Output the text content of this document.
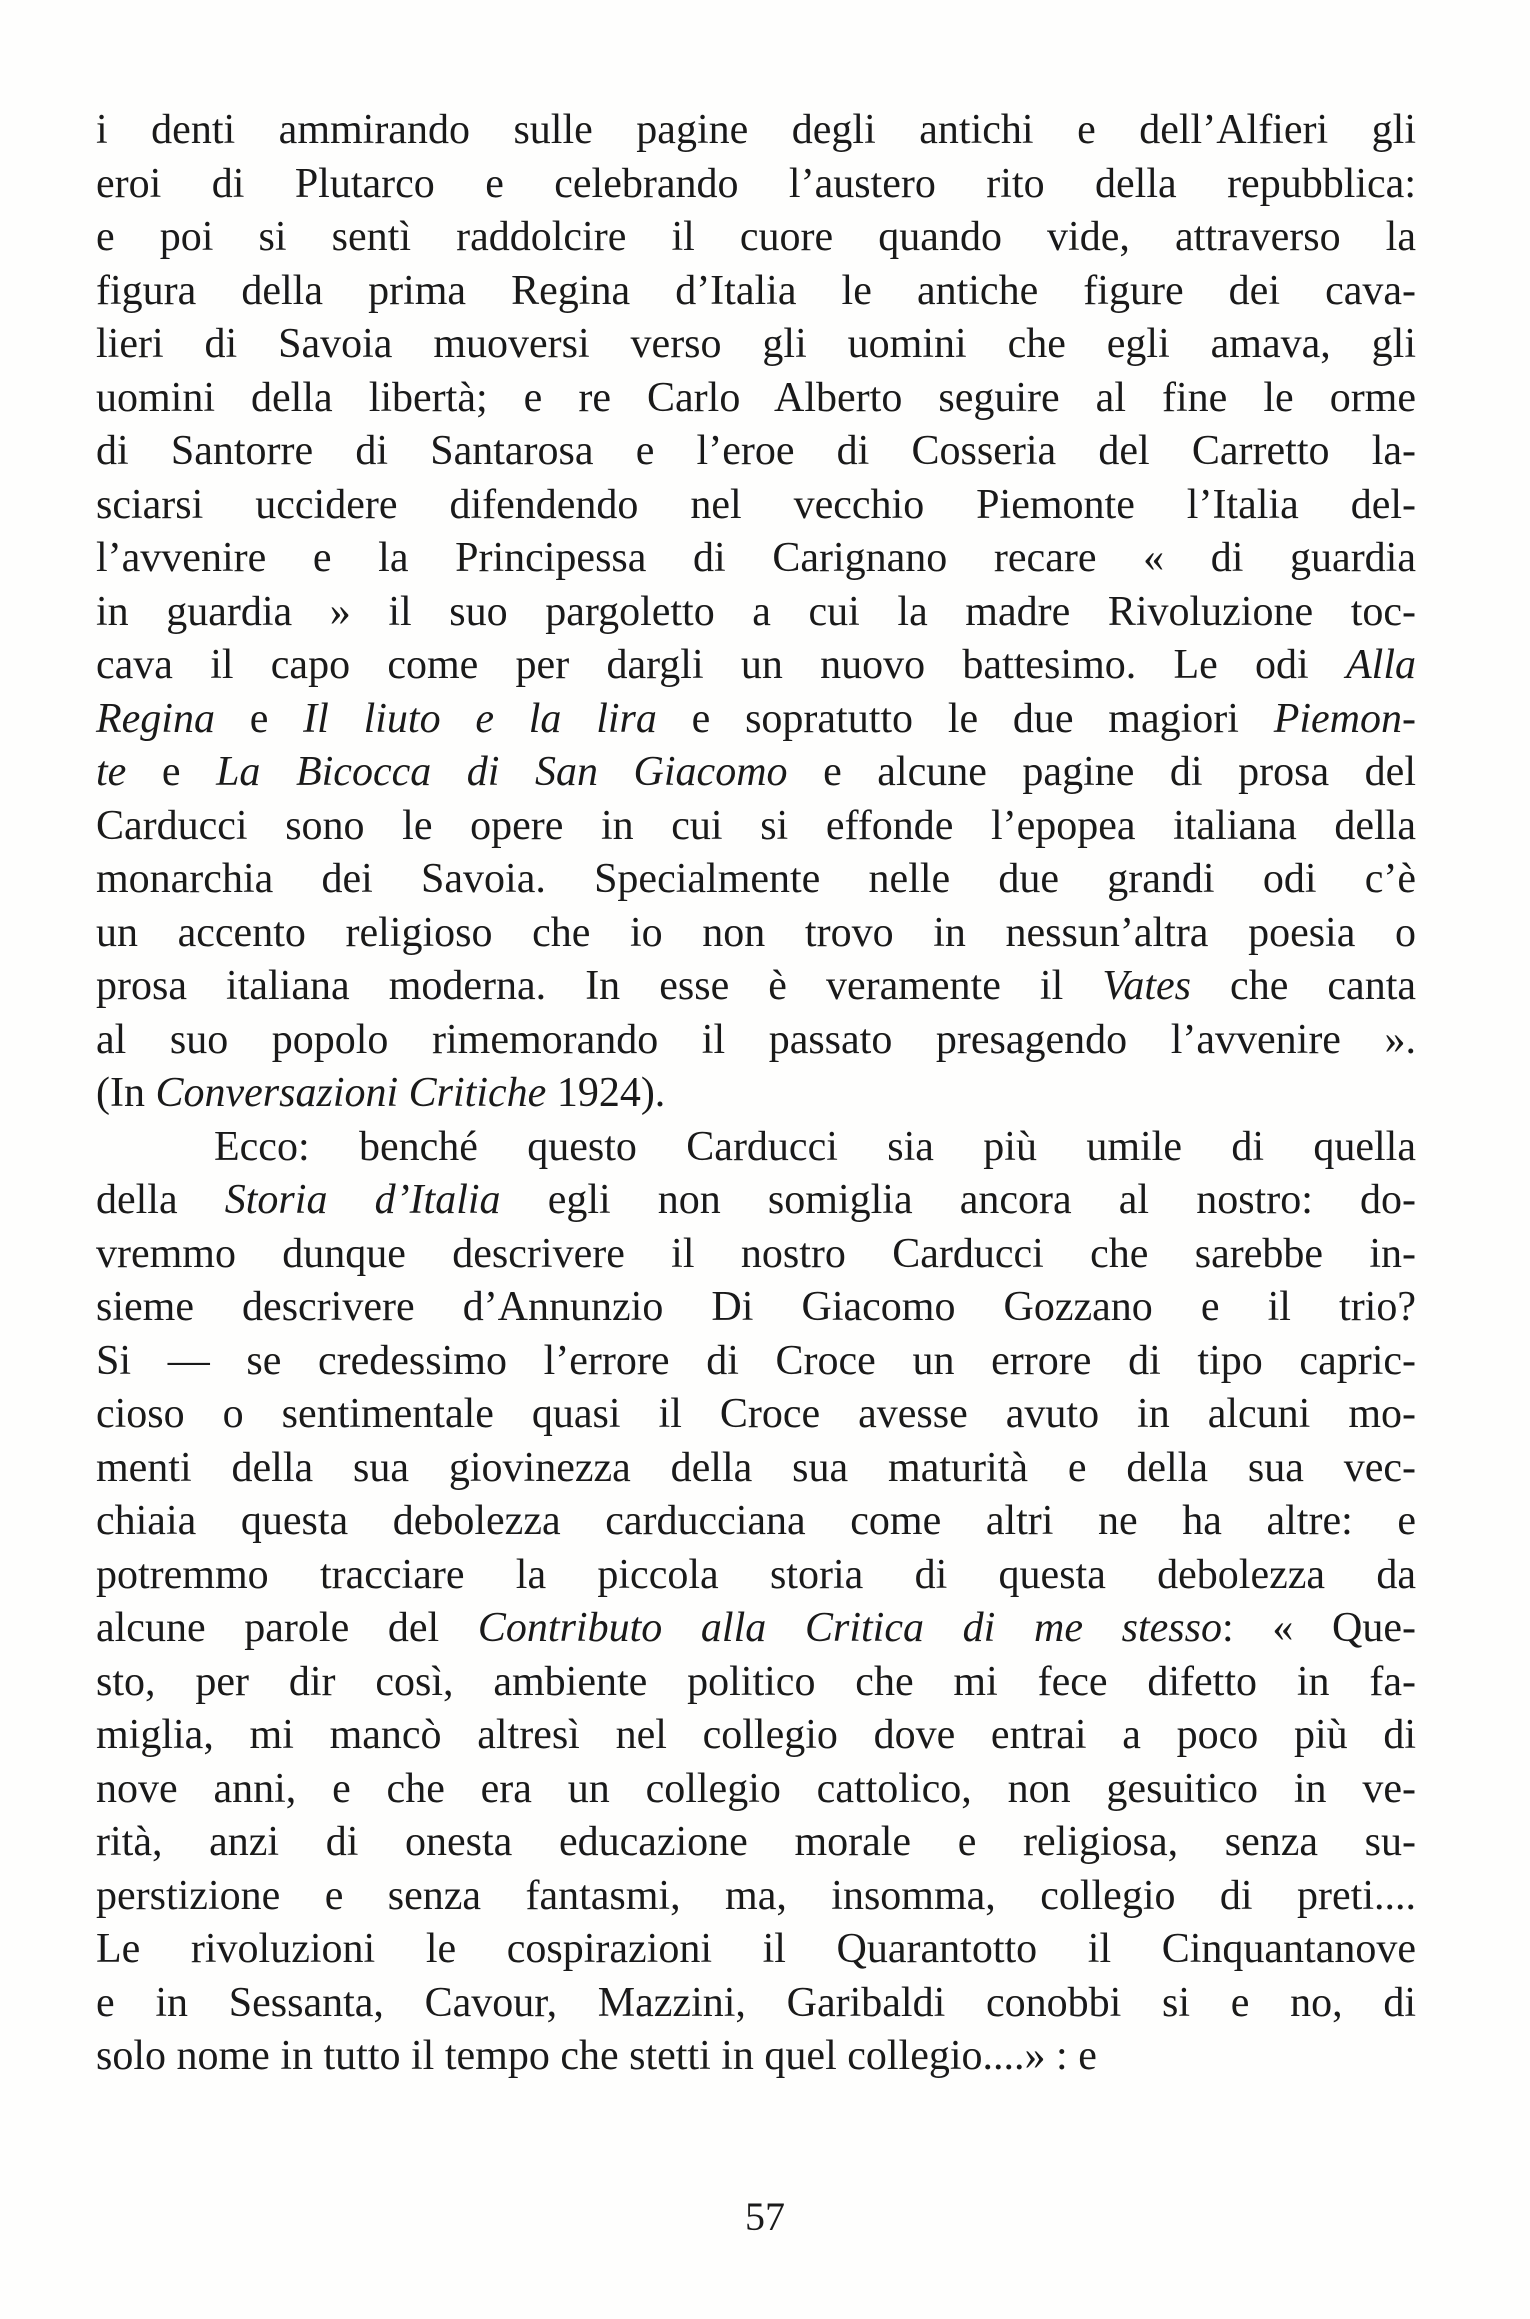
i denti ammirando sulle pagine degli antichi e dell’Alfieri gli
eroi di Plutarco e celebrando l’austero rito della repubblica:
e poi si sentì raddolcire il cuore quando vide, attraverso la
figura della prima Regina d’Italia le antiche figure dei cava-
lieri di Savoia muoversi verso gli uomini che egli amava, gli
uomini della libertà; e re Carlo Alberto seguire al fine le orme
di Santorre di Santarosa e l’eroe di Cosseria del Carretto la-
sciarsi uccidere difendendo nel vecchio Piemonte l’Italia del-
l’avvenire e la Principessa di Carignano recare « di guardia
in guardia » il suo pargoletto a cui la madre Rivoluzione toc-
cava il capo come per dargli un nuovo battesimo. Le odi Alla
Regina e Il liuto e la lira e sopratutto le due magiori Piemon-
te e La Bicocca di San Giacomo e alcune pagine di prosa del
Carducci sono le opere in cui si effonde l’epopea italiana della
monarchia dei Savoia. Specialmente nelle due grandi odi c’è
un accento religioso che io non trovo in nessun’altra poesia o
prosa italiana moderna. In esse è veramente il Vates che canta
al suo popolo rimemorando il passato presagendo l’avvenire ».
(In Conversazioni Critiche 1924).
Ecco: benché questo Carducci sia più umile di quella
della Storia d’Italia egli non somiglia ancora al nostro: do-
vremmo dunque descrivere il nostro Carducci che sarebbe in-
sieme descrivere d’Annunzio Di Giacomo Gozzano e il trio?
Si — se credessimo l’errore di Croce un errore di tipo capric-
cioso o sentimentale quasi il Croce avesse avuto in alcuni mo-
menti della sua giovinezza della sua maturità e della sua vec-
chiaia questa debolezza carducciana come altri ne ha altre: e
potremmo tracciare la piccola storia di questa debolezza da
alcune parole del Contributo alla Critica di me stesso: « Que-
sto, per dir così, ambiente politico che mi fece difetto in fa-
miglia, mi mancò altresì nel collegio dove entrai a poco più di
nove anni, e che era un collegio cattolico, non gesuitico in ve-
rità, anzi di onesta educazione morale e religiosa, senza su-
perstizione e senza fantasmi, ma, insomma, collegio di preti....
Le rivoluzioni le cospirazioni il Quarantotto il Cinquantanove
e in Sessanta, Cavour, Mazzini, Garibaldi conobbi si e no, di
solo nome in tutto il tempo che stetti in quel collegio....» : e
57
